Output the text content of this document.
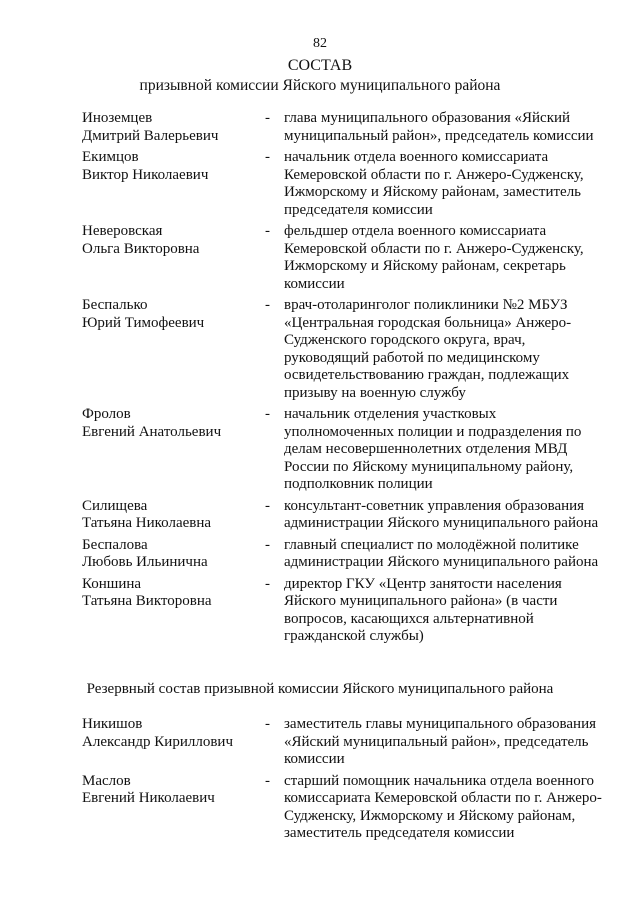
82
СОСТАВ
призывной комиссии Яйского муниципального района
Иноземцев
Дмитрий Валерьевич
- глава муниципального образования «Яйский муниципальный район», председатель комиссии
Екимцов
Виктор Николаевич
- начальник отдела военного комиссариата Кемеровской области по г. Анжеро-Судженску, Ижморскому и Яйскому районам, заместитель председателя комиссии
Неверовская
Ольга Викторовна
- фельдшер отдела военного комиссариата Кемеровской области по г. Анжеро-Судженску, Ижморскому и Яйскому районам, секретарь комиссии
Беспалько
Юрий Тимофеевич
- врач-отоларинголог поликлиники №2 МБУЗ «Центральная городская больница» Анжеро-Судженского городского округа, врач, руководящий работой по медицинскому освидетельствованию граждан, подлежащих призыву на военную службу
Фролов
Евгений Анатольевич
- начальник отделения участковых уполномоченных полиции и подразделения по делам несовершеннолетних отделения МВД России по Яйскому муниципальному району, подполковник полиции
Силищева
Татьяна Николаевна
- консультант-советник управления образования администрации Яйского муниципального района
Беспалова
Любовь Ильинична
- главный специалист по молодёжной политике администрации Яйского муниципального района
Коншина
Татьяна Викторовна
- директор ГКУ «Центр занятости населения Яйского муниципального района» (в части вопросов, касающихся альтернативной гражданской службы)
Резервный состав призывной комиссии Яйского муниципального района
Никишов
Александр Кириллович
- заместитель главы муниципального образования «Яйский муниципальный район», председатель комиссии
Маслов
Евгений Николаевич
- старший помощник начальника отдела военного комиссариата Кемеровской области по г. Анжеро-Судженску, Ижморскому и Яйскому районам, заместитель председателя комиссии
